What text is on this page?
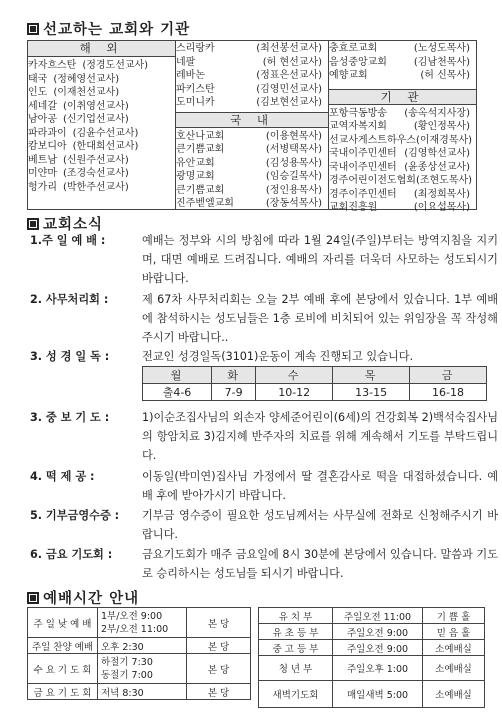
선교하는 교회와 기관
해 외
카자흐스탄 (정경도선교사)
태국 (정혜영선교사)
인도 (이재천선교사)
세네갈 (이취영선교사)
남아공 (신기업선교사)
파라과이 (김윤수선교사)
캄보디아 (한대희선교사)
베트남 (신원주선교사)
미얀마 (조경숙선교사)
헝가리 (박한주선교사)
스리랑카	(최선봉선교사)
네팔	(허 현선교사)
레바논	(정표은선교사)
파키스탄	(김영민선교사)
도미니카	(김보현선교사)
국 내
호산나교회	(이용현목사)
큰기쁨교회	(서병택목사)
유안교회	(김성용목사)
광명교회	(임승길목사)
큰기쁨교회	(정인용목사)
진주벧엘교회	(장동석목사)
충효로교회	(노성도목사)
음성중앙교회	(김남천목사)
예향교회	(허 신목사)
기 관
포항극동방송 (송옥석지사장)
교역자복지회	(황인정목사)
선교사게스트하우스 (이재경목사)
국내이주민센터 (김영학선교사)
국내이주민센터 (윤종상선교사)
경주어린이전도협회 (조현도목사)
경주이주민센터 (최정희목사)
교회진흥원	(이요섭목사)
교회소식
1.주 일 예 배 :	예배는 정부와 시의 방침에 따라 1월 24일(주일)부터는 방역지침을 지키며, 대면 예배로 드려집니다. 예배의 자리를 더욱더 사모하는 성도되시기 바랍니다.
2. 사무처리회 :	제 67차 사무처리회는 오늘 2부 예배 후에 본당에서 있습니다. 1부 예배에 참석하시는 성도님들은 1층 로비에 비치되어 있는 위임장을 꼭 작성해주시기 바랍니다..
3. 성 경 일 독 :	전교인 성경일독(3101)운동이 계속 진행되고 있습니다.
월	화	수	목	금
출4-6	7-9	10-12	13-15	16-18
3. 중 보 기 도 :	1)이순조집사님의 외손자 양세준어린이(6세)의 건강회복 2)백석숙집사님의 항암치료 3)김지혜 반주자의 치료를 위해 계속해서 기도를 부탁드립니다.
4. 떡 제 공 :	이동일(박미연)집사님 가정에서 딸 결혼감사로 떡을 대접하셨습니다. 예배 후에 받아가시기 바랍니다.
5. 기부금영수증 : 기부금 영수증이 필요한 성도님께서는 사무실에 전화로 신청해주시기 바랍니다.
6. 금요 기도회 :	금요기도회가 매주 금요일에 8시 30분에 본당에서 있습니다. 말씀과 기도로 승리하시는 성도님들 되시기 바랍니다.
예배시간 안내
주 일 낮 예 배	1부/오전 9:00
2부/오전 11:00	본 당
주일 찬양 예배	오후 2:30	본 당
수 요 기 도 회	하절기 7:30
동절기 7:00	본 당
금 요 기 도 회	저녁 8:30	본 당
유 치 부	주일오전 11:00	기 쁨 홀
유 초 등 부	주일오전 9:00	믿 음 홀
중 고 등 부	주일오전 9:00	소예배실
청 년 부	주일오후 1:00	소예배실
새벽기도회	매일새벽 5:00	소예배실
